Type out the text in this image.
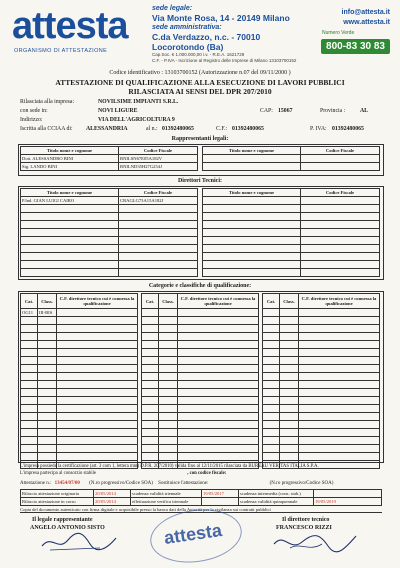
attesta
ORGANISMO DI ATTESTAZIONE
sede legale:
Via Monte Rosa, 14 - 20149 Milano
sede amministrativa:
C.da Verdazzo, n.c. - 70010 Locorotondo (Ba)
Cap.Soc. € 1.000.000,00 i.v. - R.E.A. 1621729
C.F. - P.IVA - Iscrizione al Registro delle Imprese di Milano 13103700152
info@attesta.it
www.attesta.it
Numero Verde
800-83 30 83
Codice identificativo : 13103700152 (Autorizzazione n.07 del 09/11/2000 )
ATTESTAZIONE DI QUALIFICAZIONE ALLA ESECUZIONE DI LAVORI PUBBLICI
RILASCIATA AI SENSI DEL DPR 207/2010
Rilasciata alla impresa:	NOVILSIME IMPIANTI S.R.L.
con sede in:	NOVI LIGURE	CAP: 15067	Provincia :	AL
Indirizzo:	VIA DELL'AGRICOLTURA 9
Iscritta alla CCIAA di: ALESSANDRIA	al n.: 01392480065	C.F.: 01392480065	P. IVA: 01392480065
Rappresentanti legali:
Titolo nome e cognome	Codice Fiscale
Dott. ALESSANDRO BINI	BNILSN67E05A182V
Sig. LANDO BINI	BNILND35H27G254J
Titolo nome e cognome	Codice Fiscale

Direttori Tecnici:
Titolo nome e cognome	Codice Fiscale
P.Ind. GIAN LUIGI CAIRO	CRAGLG73A15A182J

Titolo nome e cognome	Codice Fiscale

Categorie e classifiche di qualificazione:
Cat.	Class.	C.F. direttore tecnico cui è connessa la qualificazione
OG11	III-BIS	

Cat.	Class.	C.F. direttore tecnico cui è connessa la qualificazione

			Cat.	Class.	C.F. direttore tecnico cui è connessa la qualificazione

L'impresa possiede la certificazione (art. 3 com 1, lettera mm) D.P.R. 207/2010) valida fino al 12/11/2015 rilasciata da BUREAU VERITAS ITALIA S.P.A.
L'impresa partecipa al consorzio stabile	, con codice fiscale:
Attestazione n.: 13454/07/00 (N.ro progressivo/Codice SOA) Sostituisce l'attestazione:	(N.ro progressivo/Codice SOA)
Rilascio attestazione originaria	20/05/2014	scadenza validità triennale	19/05/2017	scadenza intermedia (cons. stab.)	
Rilascio attestazione in corso	20/05/2014	effettuazione verifica triennale		scadenza validità quinquennale	19/05/2019
Copia del documento autenticato con firma digitale e acquisibile presso la banca dati della Autorità per la vigilanza sui contratti pubblici
Il legale rappresentante
ANGELO ANTONIO SISTO	attesta
Il direttore tecnico
FRANCESCO RIZZI
